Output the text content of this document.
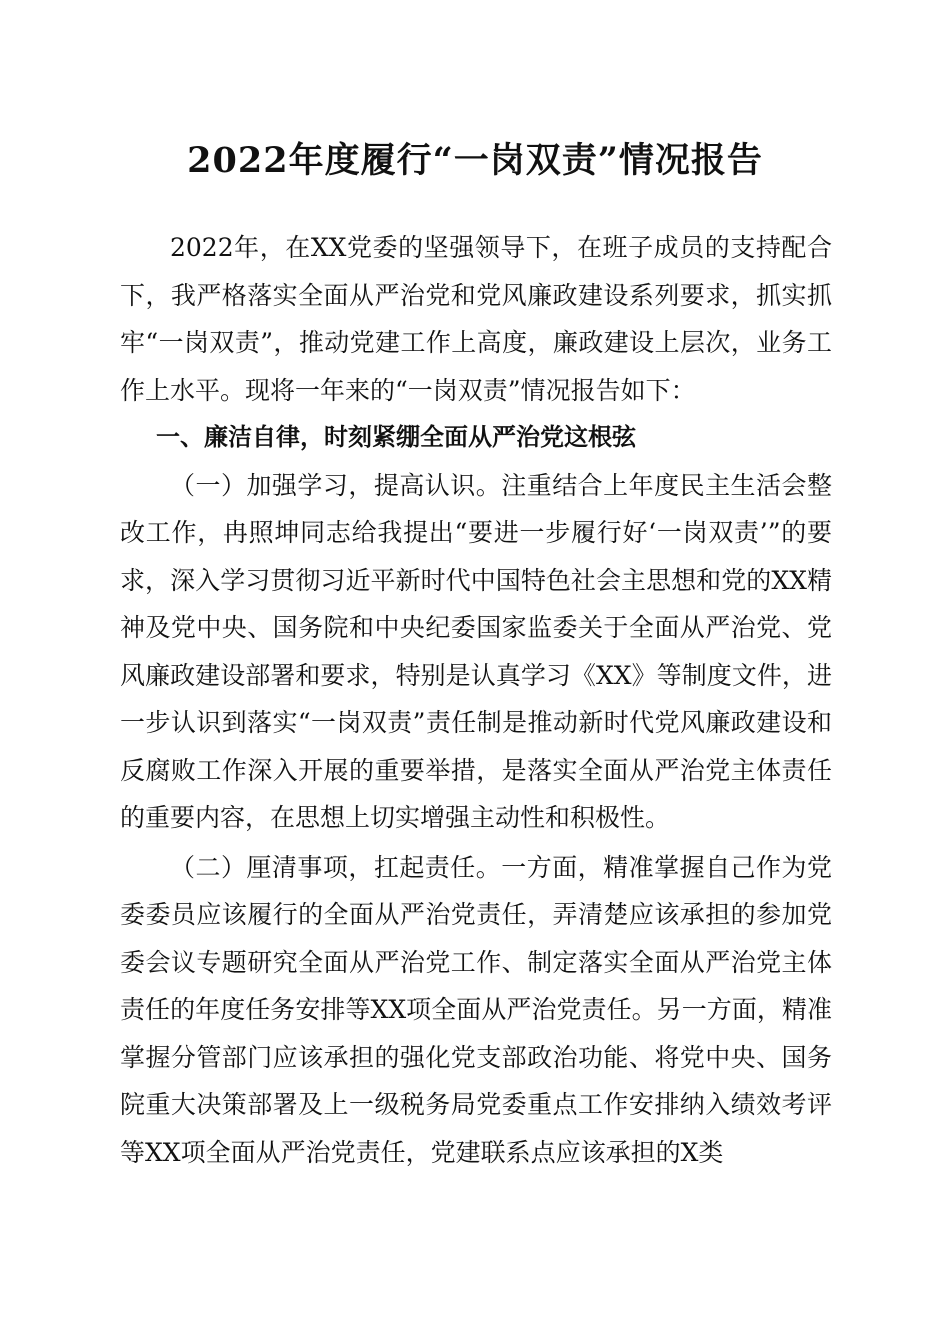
2022年度履行“一岗双责”情况报告

2022年，在XX党委的坚强领导下，在班子成员的支持配合下，我严格落实全面从严治党和党风廉政建设系列要求，抓实抓牢“一岗双责”，推动党建工作上高度，廉政建设上层次，业务工作上水平。现将一年来的“一岗双责”情况报告如下：

一、廉洁自律，时刻紧绷全面从严治党这根弦

（一）加强学习，提高认识。注重结合上年度民主生活会整改工作，冉照坤同志给我提出“要进一步履行好‘一岗双责’”的要求，深入学习贯彻习近平新时代中国特色社会主思想和党的XX精神及党中央、国务院和中央纪委国家监委关于全面从严治党、党风廉政建设部署和要求，特别是认真学习《XX》等制度文件，进一步认识到落实“一岗双责”责任制是推动新时代党风廉政建设和反腐败工作深入开展的重要举措，是落实全面从严治党主体责任的重要内容，在思想上切实增强主动性和积极性。

（二）厘清事项，扛起责任。一方面，精准掌握自己作为党委委员应该履行的全面从严治党责任，弄清楚应该承担的参加党委会议专题研究全面从严治党工作、制定落实全面从严治党主体责任的年度任务安排等XX项全面从严治党责任。另一方面，精准掌握分管部门应该承担的强化党支部政治功能、将党中央、国务院重大决策部署及上一级税务局党委重点工作安排纳入绩效考评等XX项全面从严治党责任，党建联系点应该承担的X类
